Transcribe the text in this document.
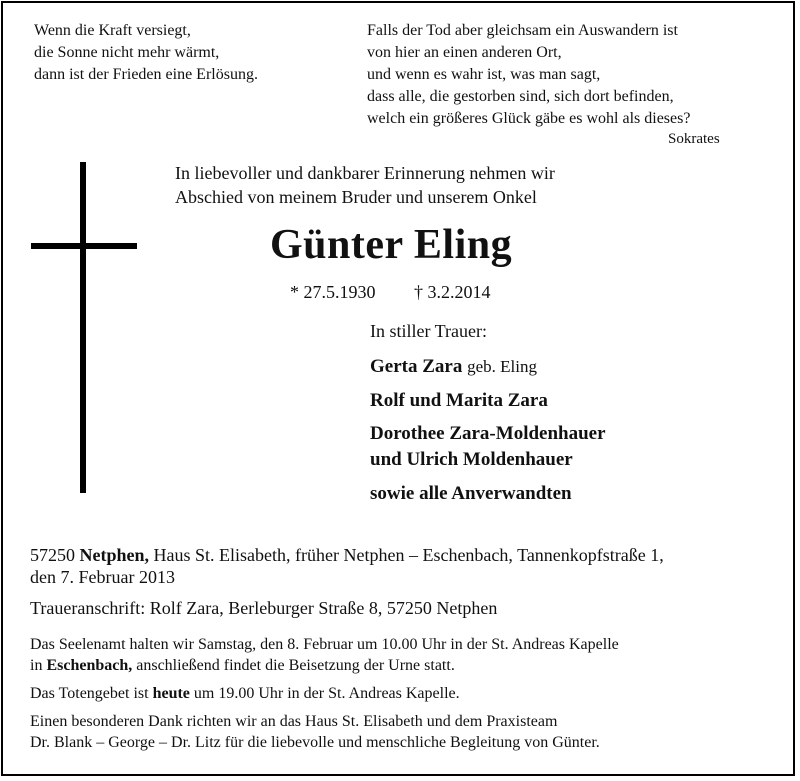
Wenn die Kraft versiegt,
die Sonne nicht mehr wärmt,
dann ist der Frieden eine Erlösung.
Falls der Tod aber gleichsam ein Auswandern ist
von hier an einen anderen Ort,
und wenn es wahr ist, was man sagt,
dass alle, die gestorben sind, sich dort befinden,
welch ein größeres Glück gäbe es wohl als dieses?
Sokrates
In liebevoller und dankbarer Erinnerung nehmen wir
Abschied von meinem Bruder und unserem Onkel
Günter Eling
* 27.5.1930 † 3.2.2014
In stiller Trauer:
Gerta Zara geb. Eling
Rolf und Marita Zara
Dorothee Zara-Moldenhauer
und Ulrich Moldenhauer
sowie alle Anverwandten
57250 Netphen, Haus St. Elisabeth, früher Netphen – Eschenbach, Tannenkopfstraße 1,
den 7. Februar 2013
Traueranschrift: Rolf Zara, Berleburger Straße 8, 57250 Netphen
Das Seelenamt halten wir Samstag, den 8. Februar um 10.00 Uhr in der St. Andreas Kapelle
in Eschenbach, anschließend findet die Beisetzung der Urne statt.
Das Totengebet ist heute um 19.00 Uhr in der St. Andreas Kapelle.
Einen besonderen Dank richten wir an das Haus St. Elisabeth und dem Praxisteam
Dr. Blank – George – Dr. Litz für die liebevolle und menschliche Begleitung von Günter.
